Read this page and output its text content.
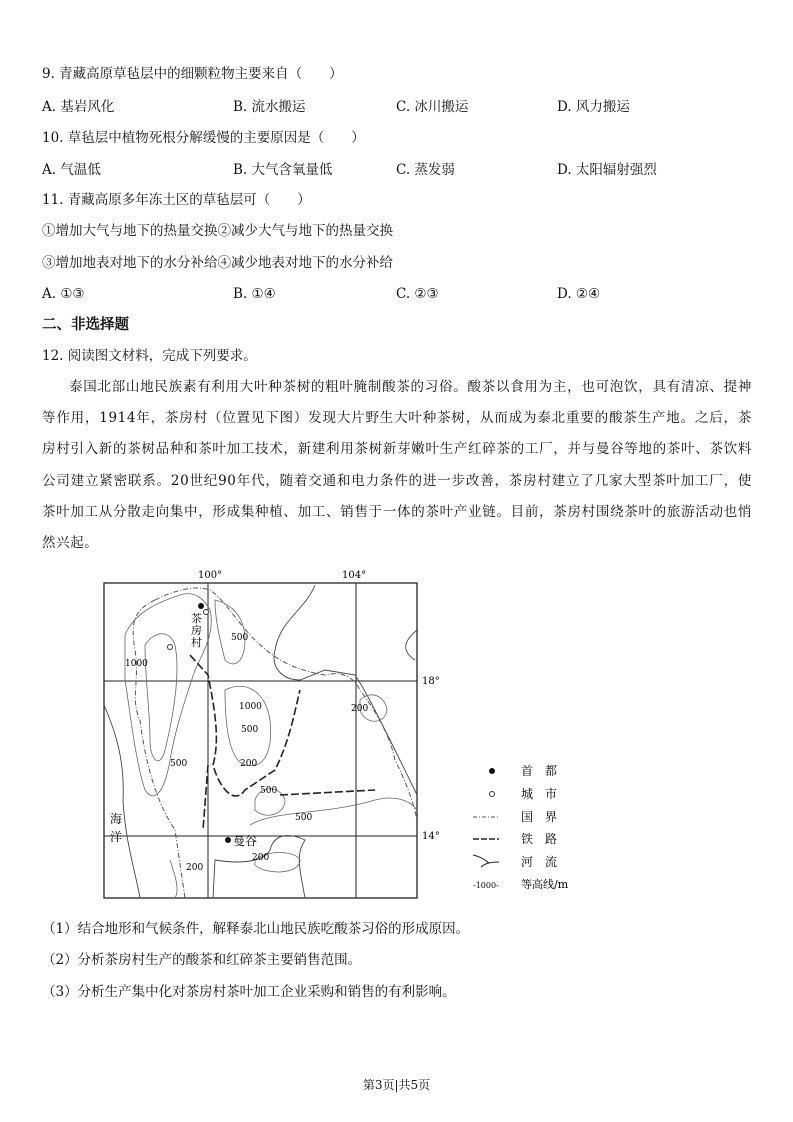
9. 青藏高原草毡层中的细颗粒物主要来自（　　）
A. 基岩风化	B. 流水搬运	C. 冰川搬运	D. 风力搬运
10. 草毡层中植物死根分解缓慢的主要原因是（　　）
A. 气温低	B. 大气含氧量低	C. 蒸发弱	D. 太阳辐射强烈
11. 青藏高原多年冻土区的草毡层可（　　）
①增加大气与地下的热量交换②减少大气与地下的热量交换
③增加地表对地下的水分补给④减少地表对地下的水分补给
A. ①③	B. ①④	C. ②③	D. ②④
二、非选择题
12. 阅读图文材料，完成下列要求。
泰国北部山地民族素有利用大叶种茶树的粗叶腌制酸茶的习俗。酸茶以食用为主，也可泡饮，具有清凉、提神等作用，1914年，茶房村（位置见下图）发现大片野生大叶种茶树，从而成为泰北重要的酸茶生产地。之后，茶房村引入新的茶树品种和茶叶加工技术，新建利用茶树新芽嫩叶生产红碎茶的工厂，并与曼谷等地的茶叶、茶饮料公司建立紧密联系。20世纪90年代，随着交通和电力条件的进一步改善，茶房村建立了几家大型茶叶加工厂，使茶叶加工从分散走向集中，形成集种植、加工、销售于一体的茶叶产业链。目前，茶房村围绕茶叶的旅游活动也悄然兴起。
100°	104°
18°
14°
茶房村
1000
500
1000
500
500	200
500
500
200
200
200
曼谷
海洋
首　都
城　市
国　界
铁　路
河　流
-1000- 等高线/m
（1）结合地形和气候条件，解释泰北山地民族吃酸茶习俗的形成原因。
（2）分析茶房村生产的酸茶和红碎茶主要销售范围。
（3）分析生产集中化对茶房村茶叶加工企业采购和销售的有利影响。
第3页|共5页
